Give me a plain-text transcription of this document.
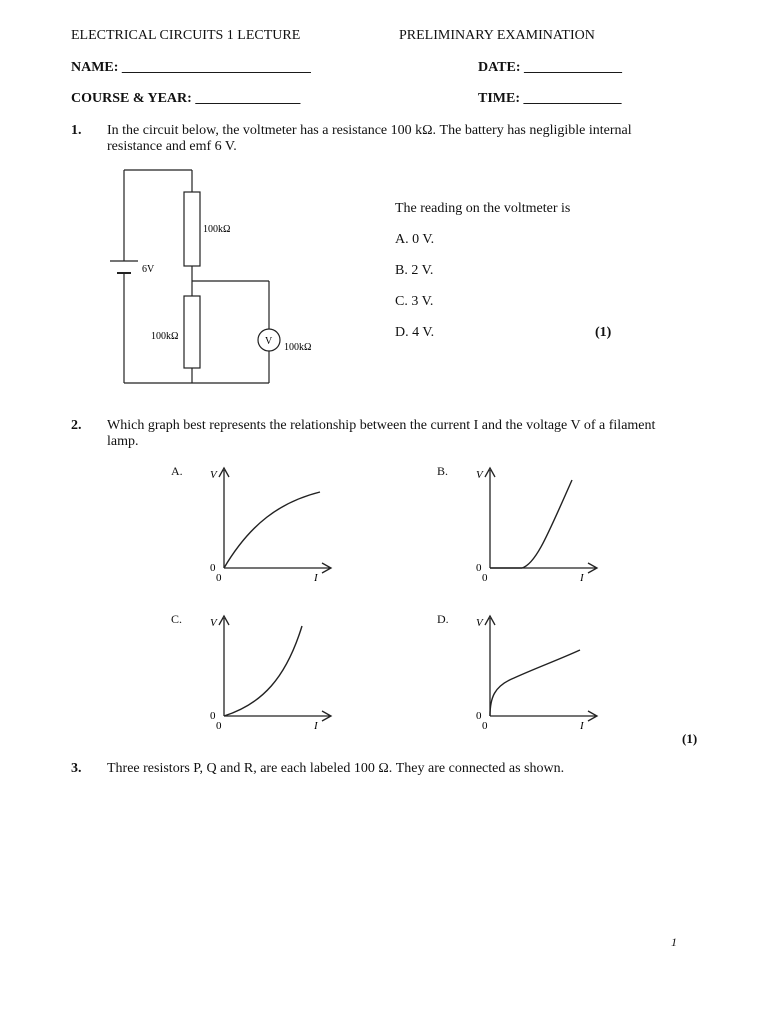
ELECTRICAL CIRCUITS 1 LECTURE	PRELIMINARY EXAMINATION
NAME: ___________________________	DATE: ______________
COURSE & YEAR: _______________	TIME: ______________
1. In the circuit below, the voltmeter has a resistance 100 kΩ. The battery has negligible internal resistance and emf 6 V.
100kΩ
6V
100kΩ	V
100kΩ
The reading on the voltmeter is
A. 0 V.
B. 2 V.
C. 3 V.
D. 4 V.	(1)
2. Which graph best represents the relationship between the current I and the voltage V of a filament lamp.
A. V
I
0
0
B.	V
I
0
0
C.	V
I
0
0
D. V
I
0
0
(1)
3. Three resistors P, Q and R, are each labeled 100 Ω. They are connected as shown.
1
